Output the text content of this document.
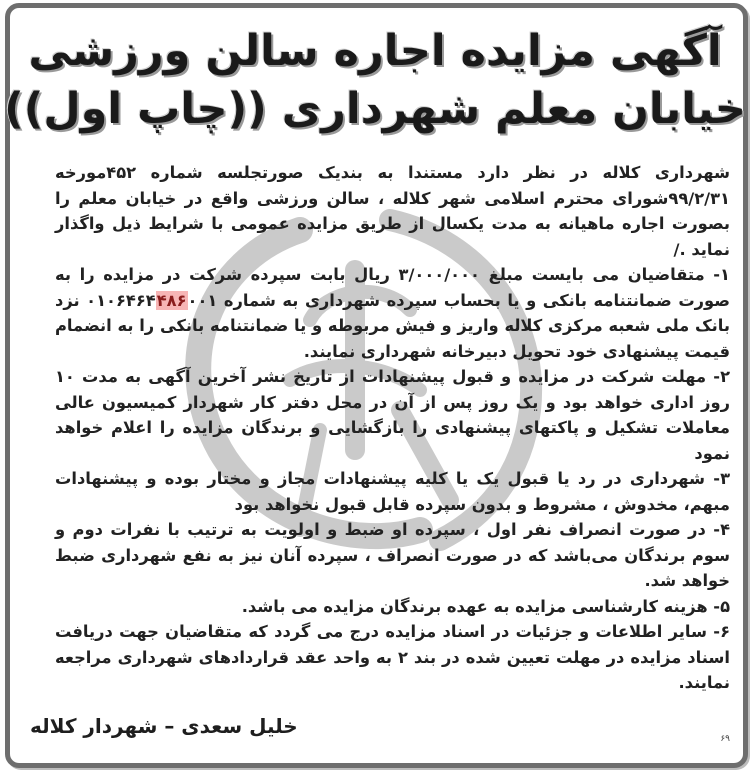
آگهی مزایده اجاره سالن ورزشی
خیابان معلم شهرداری ((چاپ اول))

شهرداری کلاله در نظر دارد مستندا به بندیک صورتجلسه شماره ۴۵۲مورخه ۹۹/۲/۳۱شورای محترم اسلامی شهر کلاله ، سالن ورزشی واقع در خیابان معلم را بصورت اجاره ماهیانه به مدت یکسال از طریق مزایده عمومی با شرایط ذیل واگذار نماید ./

۱- متقاضیان می بایست مبلغ ۳/۰۰۰/۰۰۰ ریال بابت سپرده شرکت در مزایده را به صورت ضمانتنامه بانکی و یا بحساب سپرده شهرداری به شماره ۰۱۰۶۴۶۴۴۸۶۰۰۱ نزد بانک ملی شعبه مرکزی کلاله واریز و فیش مربوطه و یا ضمانتنامه بانکی را به انضمام قیمت پیشنهادی خود تحویل دبیرخانه شهرداری نمایند.

۲- مهلت شرکت در مزایده و قبول پیشنهادات از تاریخ نشر آخرین آگهی به مدت ۱۰ روز اداری خواهد بود و یک روز پس از آن در محل دفتر کار شهردار کمیسیون عالی معاملات تشکیل و پاکتهای پیشنهادی را بازگشایی و برندگان مزایده را اعلام خواهد نمود

۳- شهرداری در رد یا قبول یک یا کلیه پیشنهادات مجاز و مختار بوده و پیشنهادات مبهم، مخدوش ، مشروط و بدون سپرده قابل قبول نخواهد بود

۴- در صورت انصراف نفر اول ، سپرده او ضبط و اولویت به ترتیب با نفرات دوم و سوم برندگان می‌باشد که در صورت انصراف ، سپرده آنان نیز به نفع شهرداری ضبط خواهد شد.

۵- هزینه کارشناسی مزایده به عهده برندگان مزایده می باشد.

۶- سایر اطلاعات و جزئیات در اسناد مزایده درج می گردد که متقاضیان جهت دریافت اسناد مزایده در مهلت تعیین شده در بند ۲ به واحد عقد قراردادهای شهرداری مراجعه نمایند.

خلیل سعدی – شهردار کلاله
۶۹
